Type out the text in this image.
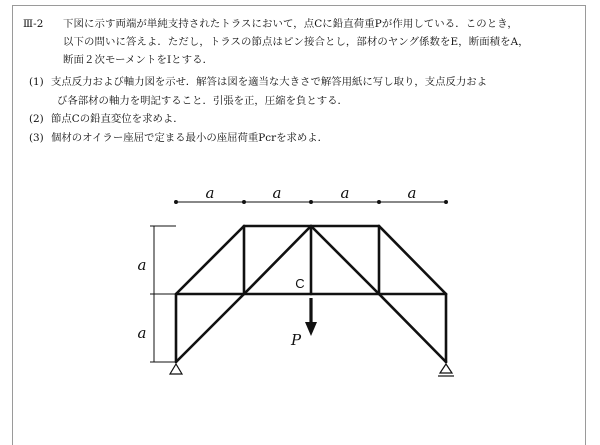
Ⅲ-2 下図に示す両端が単純支持されたトラスにおいて，点Cに鉛直荷重Pが作用している．このとき，
以下の問いに答えよ．ただし，トラスの節点はピン接合とし，部材のヤング係数をE，断面積をA，
断面２次モーメントをIとする．
(1) 支点反力および軸力図を示せ．解答は図を適当な大きさで解答用紙に写し取り，支点反力およ
び各部材の軸力を明記すること．引張を正，圧縮を負とする．
(2) 節点Cの鉛直変位を求めよ．
(3) 個材のオイラー座屈で定まる最小の座屈荷重Pcrを求めよ．
a	a	a	a
a
a
C
P
